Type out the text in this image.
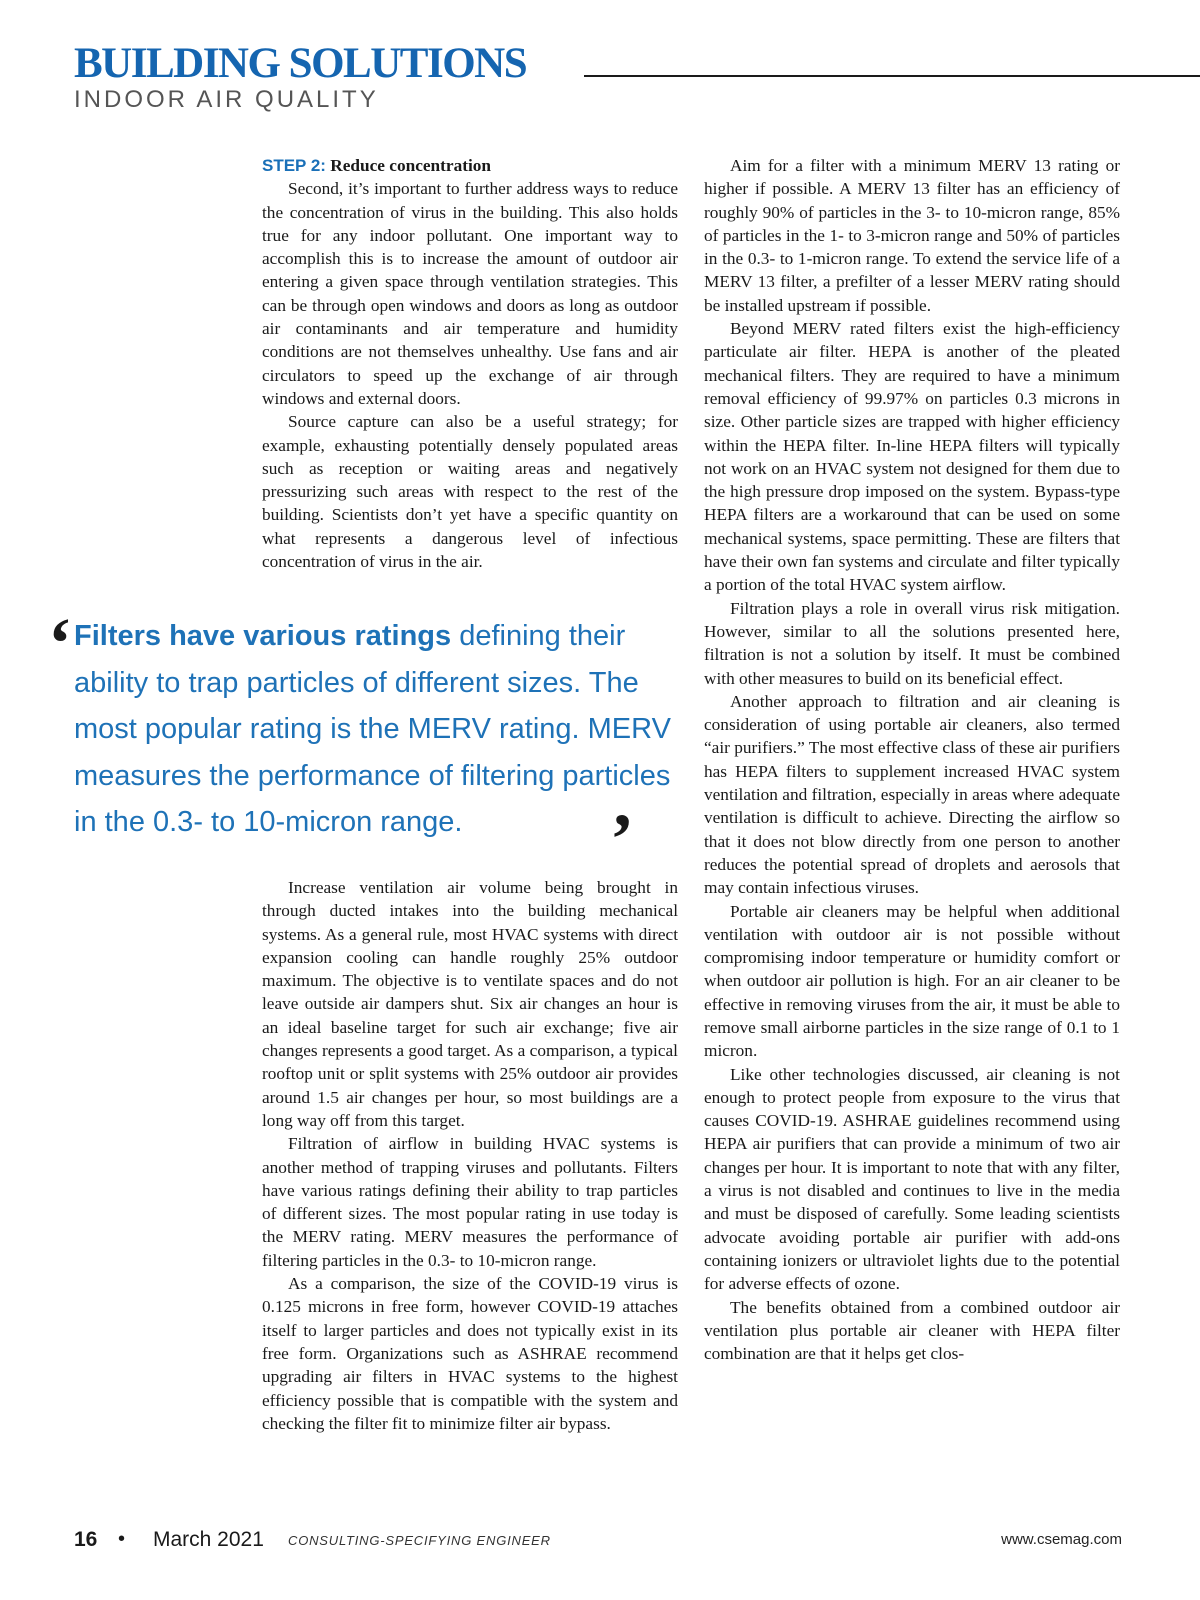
BUILDING SOLUTIONS
INDOOR AIR QUALITY

STEP 2: Reduce concentration

Second, it’s important to further address ways to reduce the concentration of virus in the building. This also holds true for any indoor pollutant. One important way to accomplish this is to increase the amount of outdoor air entering a given space through ventilation strategies. This can be through open windows and doors as long as outdoor air contaminants and air temperature and humidity conditions are not themselves unhealthy. Use fans and air circulators to speed up the exchange of air through windows and external doors.

Source capture can also be a useful strategy; for example, exhausting potentially densely populated areas such as reception or waiting areas and negatively pressurizing such areas with respect to the rest of the building. Scientists don’t yet have a specific quantity on what represents a dangerous level of infectious concentration of virus in the air.

‘ Filters have various ratings defining their ability to trap particles of different sizes. The most popular rating is the MERV rating. MERV measures the performance of filtering particles in the 0.3- to 10-micron range.	’

Increase ventilation air volume being brought in through ducted intakes into the building mechanical systems. As a general rule, most HVAC systems with direct expansion cooling can handle roughly 25% outdoor maximum. The objective is to ventilate spaces and do not leave outside air dampers shut. Six air changes an hour is an ideal baseline target for such air exchange; five air changes represents a good target. As a comparison, a typical rooftop unit or split systems with 25% outdoor air provides around 1.5 air changes per hour, so most buildings are a long way off from this target.

Filtration of airflow in building HVAC systems is another method of trapping viruses and pollutants. Filters have various ratings defining their ability to trap particles of different sizes. The most popular rating in use today is the MERV rating. MERV measures the performance of filtering particles in the 0.3- to 10-micron range.

As a comparison, the size of the COVID-19 virus is 0.125 microns in free form, however COVID-19 attaches itself to larger particles and does not typically exist in its free form. Organizations such as ASHRAE recommend upgrading air filters in HVAC systems to the highest efficiency possible that is compatible with the system and checking the filter fit to minimize filter air bypass.

Aim for a filter with a minimum MERV 13 rating or higher if possible. A MERV 13 filter has an efficiency of roughly 90% of particles in the 3- to 10-micron range, 85% of particles in the 1- to 3-micron range and 50% of particles in the 0.3- to 1-micron range. To extend the service life of a MERV 13 filter, a prefilter of a lesser MERV rating should be installed upstream if possible.

Beyond MERV rated filters exist the high-efficiency particulate air filter. HEPA is another of the pleated mechanical filters. They are required to have a minimum removal efficiency of 99.97% on particles 0.3 microns in size. Other particle sizes are trapped with higher efficiency within the HEPA filter. In-line HEPA filters will typically not work on an HVAC system not designed for them due to the high pressure drop imposed on the system. Bypass-type HEPA filters are a workaround that can be used on some mechanical systems, space permitting. These are filters that have their own fan systems and circulate and filter typically a portion of the total HVAC system airflow.

Filtration plays a role in overall virus risk mitigation. However, similar to all the solutions presented here, filtration is not a solution by itself. It must be combined with other measures to build on its beneficial effect.

Another approach to filtration and air cleaning is consideration of using portable air cleaners, also termed “air purifiers.” The most effective class of these air purifiers has HEPA filters to supplement increased HVAC system ventilation and filtration, especially in areas where adequate ventilation is difficult to achieve. Directing the airflow so that it does not blow directly from one person to another reduces the potential spread of droplets and aerosols that may contain infectious viruses.

Portable air cleaners may be helpful when additional ventilation with outdoor air is not possible without compromising indoor temperature or humidity comfort or when outdoor air pollution is high. For an air cleaner to be effective in removing viruses from the air, it must be able to remove small airborne particles in the size range of 0.1 to 1 micron.

Like other technologies discussed, air cleaning is not enough to protect people from exposure to the virus that causes COVID-19. ASHRAE guidelines recommend using HEPA air purifiers that can provide a minimum of two air changes per hour. It is important to note that with any filter, a virus is not disabled and continues to live in the media and must be disposed of carefully. Some leading scientists advocate avoiding portable air purifier with add-ons containing ionizers or ultraviolet lights due to the potential for adverse effects of ozone.

The benefits obtained from a combined outdoor air ventilation plus portable air cleaner with HEPA filter combination are that it helps get clos-

16 • March 2021 CONSULTING-SPECIFYING ENGINEER	www.csemag.com
